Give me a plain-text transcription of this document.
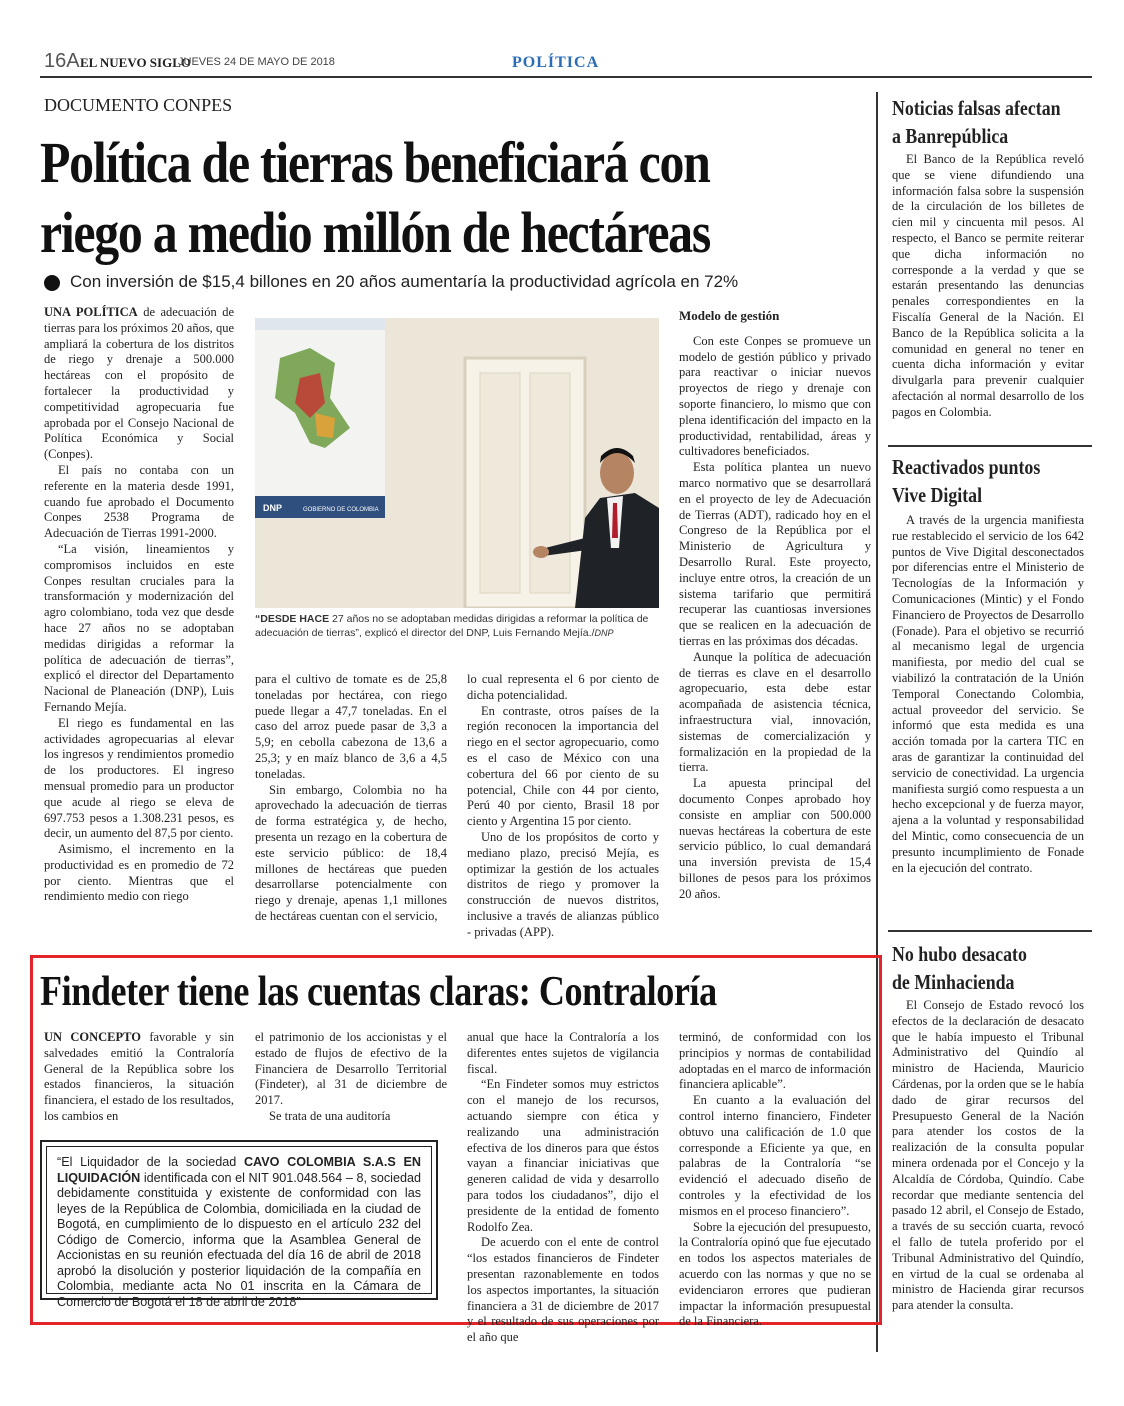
16A EL NUEVO SIGLO
JUEVES 24 DE MAYO DE 2018	POLÍTICA
DOCUMENTO CONPES
Política de tierras beneficiará con
riego a medio millón de hectáreas
Con inversión de $15,4 billones en 20 años aumentaría la productividad agrícola en 72%

UNA POLÍTICA de adecuación de tierras para los próximos 20 años, que ampliará la cobertura de los distritos de riego y drenaje a 500.000 hectáreas con el propósito de fortalecer la productividad y competitividad agropecuaria fue aprobada por el Consejo Nacional de Política Económica y Social (Conpes).

El país no contaba con un referente en la materia desde 1991, cuando fue aprobado el Documento Conpes 2538 Programa de Adecuación de Tierras 1991-2000.

“La visión, lineamientos y compromisos incluidos en este Conpes resultan cruciales para la transformación y modernización del agro colombiano, toda vez que desde hace 27 años no se adoptaban medidas dirigidas a reformar la política de adecuación de tierras”, explicó el director del Departamento Nacional de Planeación (DNP), Luis Fernando Mejía.

El riego es fundamental en las actividades agropecuarias al elevar los ingresos y rendimientos promedio de los productores. El ingreso mensual promedio para un productor que acude al riego se eleva de 697.753 pesos a 1.308.231 pesos, es decir, un aumento del 87,5 por ciento.

Asimismo, el incremento en la productividad es en promedio de 72 por ciento. Mientras que el rendimiento medio con riego

DNP	GOBIERNO DE COLOMBIA
“DESDE HACE 27 años no se adoptaban medidas dirigidas a reformar la política de adecuación de tierras”, explicó el director del DNP, Luis Fernando Mejía./DNP

para el cultivo de tomate es de 25,8 toneladas por hectárea, con riego puede llegar a 47,7 toneladas. En el caso del arroz puede pasar de 3,3 a 5,9; en cebolla cabezona de 13,6 a 25,3; y en maíz blanco de 3,6 a 4,5 toneladas.

Sin embargo, Colombia no ha aprovechado la adecuación de tierras de forma estratégica y, de hecho, presenta un rezago en la cobertura de este servicio público: de 18,4 millones de hectáreas que pueden desarrollarse potencialmente con riego y drenaje, apenas 1,1 millones de hectáreas cuentan con el servicio,

lo cual representa el 6 por ciento de dicha potencialidad.

En contraste, otros países de la región reconocen la importancia del riego en el sector agropecuario, como es el caso de México con una cobertura del 66 por ciento de su potencial, Chile con 44 por ciento, Perú 40 por ciento, Brasil 18 por ciento y Argentina 15 por ciento.

Uno de los propósitos de corto y mediano plazo, precisó Mejía, es optimizar la gestión de los actuales distritos de riego y promover la construcción de nuevos distritos, inclusive a través de alianzas público - privadas (APP).

Modelo de gestión

Con este Conpes se promueve un modelo de gestión público y privado para reactivar o iniciar nuevos proyectos de riego y drenaje con soporte financiero, lo mismo que con plena identificación del impacto en la productividad, rentabilidad, áreas y cultivadores beneficiados.

Esta política plantea un nuevo marco normativo que se desarrollará en el proyecto de ley de Adecuación de Tierras (ADT), radicado hoy en el Congreso de la República por el Ministerio de Agricultura y Desarrollo Rural. Este proyecto, incluye entre otros, la creación de un sistema tarifario que permitirá recuperar las cuantiosas inversiones que se realicen en la adecuación de tierras en las próximas dos décadas.

Aunque la política de adecuación de tierras es clave en el desarrollo agropecuario, esta debe estar acompañada de asistencia técnica, infraestructura vial, innovación, sistemas de comercialización y formalización en la propiedad de la tierra.

La apuesta principal del documento Conpes aprobado hoy consiste en ampliar con 500.000 nuevas hectáreas la cobertura de este servicio público, lo cual demandará una inversión prevista de 15,4 billones de pesos para los próximos 20 años.

Noticias falsas afectan
a Banrepública

El Banco de la República reveló que se viene difundiendo una información falsa sobre la suspensión de la circulación de los billetes de cien mil y cincuenta mil pesos. Al respecto, el Banco se permite reiterar que dicha información no corresponde a la verdad y que se estarán presentando las denuncias penales correspondientes en la Fiscalía General de la Nación. El Banco de la República solicita a la comunidad en general no tener en cuenta dicha información y evitar divulgarla para prevenir cualquier afectación al normal desarrollo de los pagos en Colombia.

Reactivados puntos
Vive Digital

A través de la urgencia manifiesta rue restablecido el servicio de los 642 puntos de Vive Digital desconectados por diferencias entre el Ministerio de Tecnologías de la Información y Comunicaciones (Mintic) y el Fondo Financiero de Proyectos de Desarrollo (Fonade). Para el objetivo se recurrió al mecanismo legal de urgencia manifiesta, por medio del cual se viabilizó la contratación de la Unión Temporal Conectando Colombia, actual proveedor del servicio. Se informó que esta medida es una acción tomada por la cartera TIC en aras de garantizar la continuidad del servicio de conectividad. La urgencia manifiesta surgió como respuesta a un hecho excepcional y de fuerza mayor, ajena a la voluntad y responsabilidad del Mintic, como consecuencia de un presunto incumplimiento de Fonade en la ejecución del contrato.

No hubo desacato
de Minhacienda

El Consejo de Estado revocó los efectos de la declaración de desacato que le había impuesto el Tribunal Administrativo del Quindío al ministro de Hacienda, Mauricio Cárdenas, por la orden que se le había dado de girar recursos del Presupuesto General de la Nación para atender los costos de la realización de la consulta popular minera ordenada por el Concejo y la Alcaldía de Córdoba, Quindío. Cabe recordar que mediante sentencia del pasado 12 abril, el Consejo de Estado, a través de su sección cuarta, revocó el fallo de tutela proferido por el Tribunal Administrativo del Quindío, en virtud de la cual se ordenaba al ministro de Hacienda girar recursos para atender la consulta.

Findeter tiene las cuentas claras: Contraloría

UN CONCEPTO favorable y sin salvedades emitió la Contraloría General de la República sobre los estados financieros, la situación financiera, el estado de los resultados, los cambios en

el patrimonio de los accionistas y el estado de flujos de efectivo de la Financiera de Desarrollo Territorial (Findeter), al 31 de diciembre de 2017.

Se trata de una auditoría

anual que hace la Contraloría a los diferentes entes sujetos de vigilancia fiscal.

“En Findeter somos muy estrictos con el manejo de los recursos, actuando siempre con ética y realizando una administración efectiva de los dineros para que éstos vayan a financiar iniciativas que generen calidad de vida y desarrollo para todos los ciudadanos”, dijo el presidente de la entidad de fomento Rodolfo Zea.

De acuerdo con el ente de control “los estados financieros de Findeter presentan razonablemente en todos los aspectos importantes, la situación financiera a 31 de diciembre de 2017 y el resultado de sus operaciones por el año que

terminó, de conformidad con los principios y normas de contabilidad adoptadas en el marco de información financiera aplicable”.

En cuanto a la evaluación del control interno financiero, Findeter obtuvo una calificación de 1.0 que corresponde a Eficiente ya que, en palabras de la Contraloría “se evidenció el adecuado diseño de controles y la efectividad de los mismos en el proceso financiero”.

Sobre la ejecución del presupuesto, la Contraloría opinó que fue ejecutado en todos los aspectos materiales de acuerdo con las normas y que no se evidenciaron errores que pudieran impactar la información presupuestal de la Financiera.

“El Liquidador de la sociedad CAVO COLOMBIA S.A.S EN LIQUIDACIÓN identificada con el NIT 901.048.564 – 8, sociedad debidamente constituida y existente de conformidad con las leyes de la República de Colombia, domiciliada en la ciudad de Bogotá, en cumplimiento de lo dispuesto en el artículo 232 del Código de Comercio, informa que la Asamblea General de Accionistas en su reunión efectuada del día 16 de abril de 2018 aprobó la disolución y posterior liquidación de la compañía en Colombia, mediante acta No 01 inscrita en la Cámara de Comercio de Bogotá el 18 de abril de 2018”
